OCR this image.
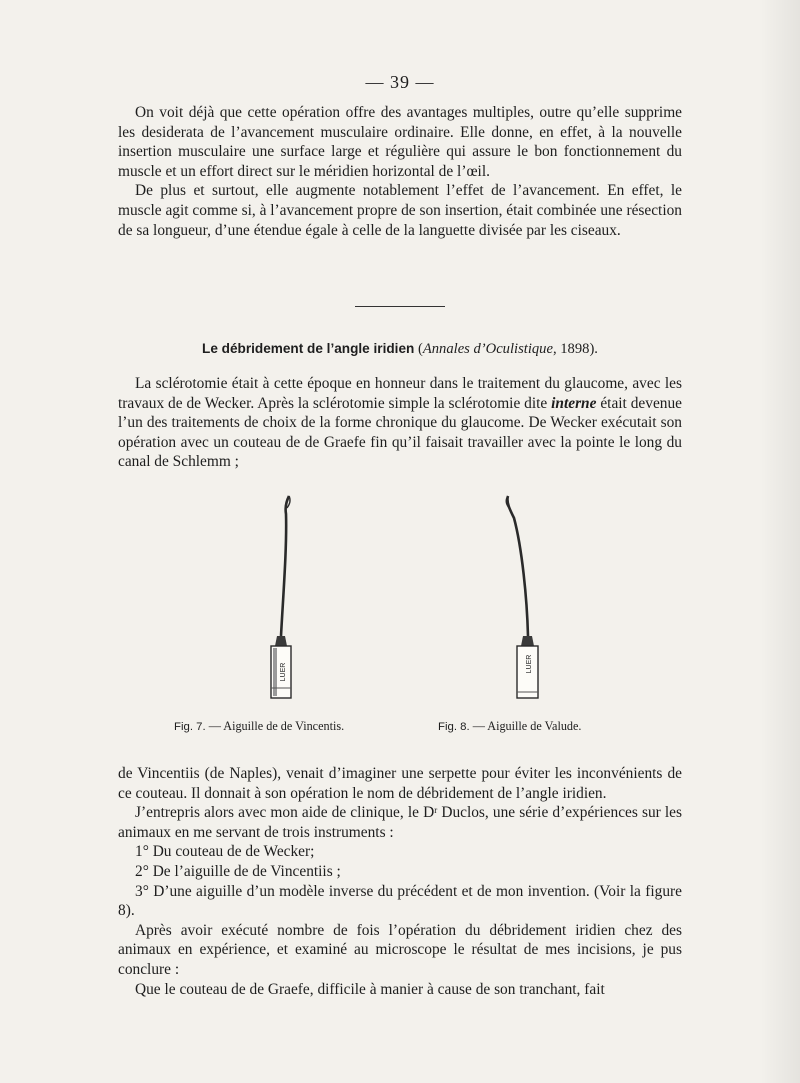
— 39 —

On voit déjà que cette opération offre des avantages multiples, outre qu’elle supprime les desiderata de l’avancement musculaire ordinaire. Elle donne, en effet, à la nouvelle insertion musculaire une surface large et régulière qui assure le bon fonctionnement du muscle et un effort direct sur le méridien horizontal de l’œil.

De plus et surtout, elle augmente notablement l’effet de l’avancement. En effet, le muscle agit comme si, à l’avancement propre de son insertion, était combinée une résection de sa longueur, d’une étendue égale à celle de la languette divisée par les ciseaux.

Le débridement de l’angle iridien (Annales d’Oculistique, 1898).

La sclérotomie était à cette époque en honneur dans le traitement du glaucome, avec les travaux de de Wecker. Après la sclérotomie simple la sclérotomie dite interne était devenue l’un des traitements de choix de la forme chronique du glaucome. De Wecker exécutait son opération avec un couteau de de Graefe fin qu’il faisait travailler avec la pointe le long du canal de Schlemm ;

LUER	LUER
Fig. 7. — Aiguille de de Vincentis.	Fig. 8. — Aiguille de Valude.

de Vincentiis (de Naples), venait d’imaginer une serpette pour éviter les inconvénients de ce couteau. Il donnait à son opération le nom de débridement de l’angle iridien.

J’entrepris alors avec mon aide de clinique, le $D^r$ Duclos, une série d’expériences sur les animaux en me servant de trois instruments :

1° Du couteau de de Wecker;

2° De l’aiguille de de Vincentiis ;

3° D’une aiguille d’un modèle inverse du précédent et de mon invention. (Voir la figure 8).

Après avoir exécuté nombre de fois l’opération du débridement iridien chez des animaux en expérience, et examiné au microscope le résultat de mes incisions, je pus conclure :

Que le couteau de de Graefe, difficile à manier à cause de son tranchant, fait
